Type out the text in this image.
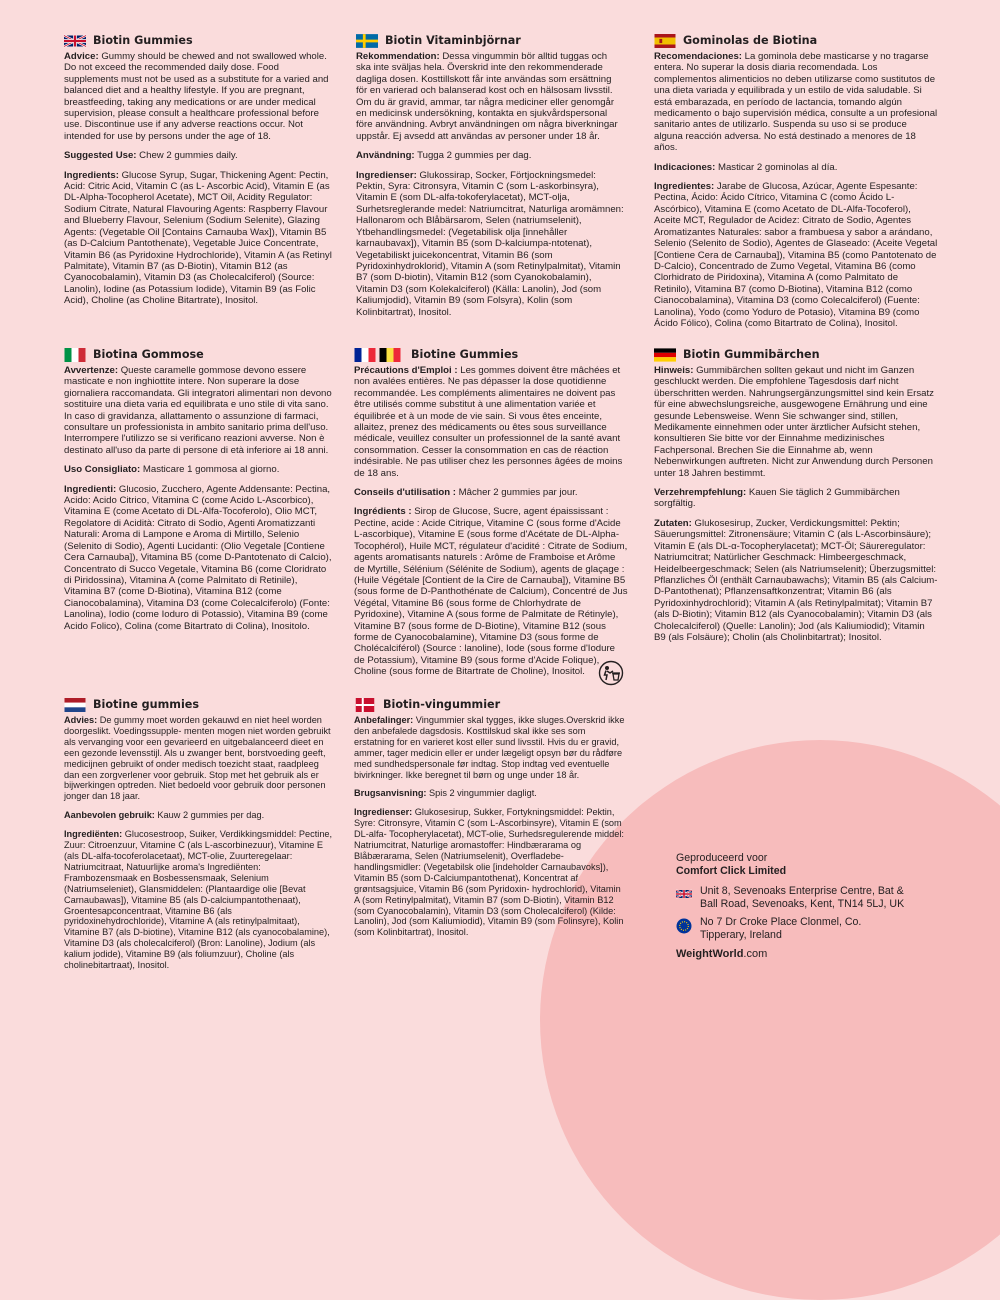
Biotin Gummies

Advice: Gummy should be chewed and not swallowed whole. Do not exceed the recommended daily dose. Food supplements must not be used as a substitute for a varied and balanced diet and a healthy lifestyle. If you are pregnant, breastfeeding, taking any medications or are under medical supervision, please consult a healthcare professional before use. Discontinue use if any adverse reactions occur. Not intended for use by persons under the age of 18.

Suggested Use: Chew 2 gummies daily.

Ingredients: Glucose Syrup, Sugar, Thickening Agent: Pectin, Acid: Citric Acid, Vitamin C (as L- Ascorbic Acid), Vitamin E (as DL-Alpha-Tocopherol Acetate), MCT Oil, Acidity Regulator: Sodium Citrate, Natural Flavouring Agents: Raspberry Flavour and Blueberry Flavour, Selenium (Sodium Selenite), Glazing Agents: (Vegetable Oil [Contains Carnauba Wax]), Vitamin B5 (as D-Calcium Pantothenate), Vegetable Juice Concentrate, Vitamin B6 (as Pyridoxine Hydrochloride), Vitamin A (as Retinyl Palmitate), Vitamin B7 (as D-Biotin), Vitamin B12 (as Cyanocobalamin), Vitamin D3 (as Cholecalciferol) (Source: Lanolin), Iodine (as Potassium Iodide), Vitamin B9 (as Folic Acid), Choline (as Choline Bitartrate), Inositol.

Biotin Vitaminbjörnar

Rekommendation: Dessa vingummin bör alltid tuggas och ska inte sväljas hela. Överskrid inte den rekommenderade dagliga dosen. Kosttillskott får inte användas som ersättning för en varierad och balanserad kost och en hälsosam livsstil. Om du är gravid, ammar, tar några mediciner eller genomgår en medicinsk undersökning, kontakta en sjukvårdspersonal före användning. Avbryt användningen om några biverkningar uppstår. Ej avsedd att användas av personer under 18 år.

Användning: Tugga 2 gummies per dag.

Ingredienser: Glukossirap, Socker, Förtjockningsmedel: Pektin, Syra: Citronsyra, Vitamin C (som L-askorbinsyra), Vitamin E (som DL-alfa-tokoferylacetat), MCT-olja, Surhetsreglerande medel: Natriumcitrat, Naturliga aromämnen: Hallonarom och Blåbärsarom, Selen (natriumselenit), Ytbehandlingsmedel: (Vegetabilisk olja [innehåller karnaubavax]), Vitamin B5 (som D-kalciumpa-ntotenat), Vegetabiliskt juicekoncentrat, Vitamin B6 (som Pyridoxinhydroklorid), Vitamin A (som Retinylpalmitat), Vitamin B7 (som D-biotin), Vitamin B12 (som Cyanokobalamin), Vitamin D3 (som Kolekalciferol) (Källa: Lanolin), Jod (som Kaliumjodid), Vitamin B9 (som Folsyra), Kolin (som Kolinbitartrat), Inositol.

Gominolas de Biotina

Recomendaciones: La gominola debe masticarse y no tragarse entera. No superar la dosis diaria recomendada. Los complementos alimenticios no deben utilizarse como sustitutos de una dieta variada y equilibrada y un estilo de vida saludable. Si está embarazada, en período de lactancia, tomando algún medicamento o bajo supervisión médica, consulte a un profesional sanitario antes de utilizarlo. Suspenda su uso si se produce alguna reacción adversa. No está destinado a menores de 18 años.

Indicaciones: Masticar 2 gominolas al día.

Ingredientes: Jarabe de Glucosa, Azúcar, Agente Espesante: Pectina, Ácido: Ácido Cítrico, Vitamina C (como Ácido L-Ascórbico), Vitamina E (como Acetato de DL-Alfa-Tocoferol), Aceite MCT, Regulador de Acidez: Citrato de Sodio, Agentes Aromatizantes Naturales: sabor a frambuesa y sabor a arándano, Selenio (Selenito de Sodio), Agentes de Glaseado: (Aceite Vegetal [Contiene Cera de Carnauba]), Vitamina B5 (como Pantotenato de D-Calcio), Concentrado de Zumo Vegetal, Vitamina B6 (como Clorhidrato de Piridoxina), Vitamina A (como Palmitato de Retinilo), Vitamina B7 (como D-Biotina), Vitamina B12 (como Cianocobalamina), Vitamina D3 (como Colecalciferol) (Fuente: Lanolina), Yodo (como Yoduro de Potasio), Vitamina B9 (como Ácido Fólico), Colina (como Bitartrato de Colina), Inositol.

Biotina Gommose

Avvertenze: Queste caramelle gommose devono essere masticate e non inghiottite intere. Non superare la dose giornaliera raccomandata. Gli integratori alimentari non devono sostituire una dieta varia ed equilibrata e uno stile di vita sano. In caso di gravidanza, allattamento o assunzione di farmaci, consultare un professionista in ambito sanitario prima dell'uso. Interrompere l'utilizzo se si verificano reazioni avverse. Non è destinato all'uso da parte di persone di età inferiore ai 18 anni.

Uso Consigliato: Masticare 1 gommosa al giorno.

Ingredienti: Glucosio, Zucchero, Agente Addensante: Pectina, Acido: Acido Citrico, Vitamina C (come Acido L-Ascorbico), Vitamina E (come Acetato di DL-Alfa-Tocoferolo), Olio MCT, Regolatore di Acidità: Citrato di Sodio, Agenti Aromatizzanti Naturali: Aroma di Lampone e Aroma di Mirtillo, Selenio (Selenito di Sodio), Agenti Lucidanti: (Olio Vegetale [Contiene Cera Carnauba]), Vitamina B5 (come D-Pantotenato di Calcio), Concentrato di Succo Vegetale, Vitamina B6 (come Cloridrato di Piridossina), Vitamina A (come Palmitato di Retinile), Vitamina B7 (come D-Biotina), Vitamina B12 (come Cianocobalamina), Vitamina D3 (come Colecalciferolo) (Fonte: Lanolina), Iodio (come Ioduro di Potassio), Vitamina B9 (come Acido Folico), Colina (come Bitartrato di Colina), Inositolo.

Biotine Gummies

Précautions d'Emploi : Les gommes doivent être mâchées et non avalées entières. Ne pas dépasser la dose quotidienne recommandée. Les compléments alimentaires ne doivent pas être utilisés comme substitut à une alimentation variée et équilibrée et à un mode de vie sain. Si vous êtes enceinte, allaitez, prenez des médicaments ou êtes sous surveillance médicale, veuillez consulter un professionnel de la santé avant consommation. Cesser la consommation en cas de réaction indésirable. Ne pas utiliser chez les personnes âgées de moins de 18 ans.

Conseils d'utilisation : Mâcher 2 gummies par jour.

Ingrédients : Sirop de Glucose, Sucre, agent épaississant : Pectine, acide : Acide Citrique, Vitamine C (sous forme d'Acide L-ascorbique), Vitamine E (sous forme d'Acétate de DL-Alpha-Tocophérol), Huile MCT, régulateur d'acidité : Citrate de Sodium, agents aromatisants naturels : Arôme de Framboise et Arôme de Myrtille, Sélénium (Sélénite de Sodium), agents de glaçage : (Huile Végétale [Contient de la Cire de Carnauba]), Vitamine B5 (sous forme de D-Panthothénate de Calcium), Concentré de Jus Végétal, Vitamine B6 (sous forme de Chlorhydrate de Pyridoxine), Vitamine A (sous forme de Palmitate de Rétinyle), Vitamine B7 (sous forme de D-Biotine), Vitamine B12 (sous forme de Cyanocobalamine), Vitamine D3 (sous forme de Cholécalciférol) (Source : lanoline), Iode (sous forme d'Iodure de Potassium), Vitamine B9 (sous forme d'Acide Folique), Choline (sous forme de Bitartrate de Choline), Inositol.

Biotin Gummibärchen

Hinweis: Gummibärchen sollten gekaut und nicht im Ganzen geschluckt werden. Die empfohlene Tagesdosis darf nicht überschritten werden. Nahrungsergänzungsmittel sind kein Ersatz für eine abwechslungsreiche, ausgewogene Ernährung und eine gesunde Lebensweise. Wenn Sie schwanger sind, stillen, Medikamente einnehmen oder unter ärztlicher Aufsicht stehen, konsultieren Sie bitte vor der Einnahme medizinisches Fachpersonal. Brechen Sie die Einnahme ab, wenn Nebenwirkungen auftreten. Nicht zur Anwendung durch Personen unter 18 Jahren bestimmt.

Verzehrempfehlung: Kauen Sie täglich 2 Gummibärchen sorgfältig.

Zutaten: Glukosesirup, Zucker, Verdickungsmittel: Pektin; Säuerungsmittel: Zitronensäure; Vitamin C (als L-Ascorbinsäure); Vitamin E (als DL-α-Tocopherylacetat); MCT-Öl; Säureregulator: Natriumcitrat; Natürlicher Geschmack: Himbeergeschmack, Heidelbeergeschmack; Selen (als Natriumselenit); Überzugsmittel: Pflanzliches Öl (enthält Carnaubawachs); Vitamin B5 (als Calcium-D-Pantothenat); Pflanzensaftkonzentrat; Vitamin B6 (als Pyridoxinhydrochlorid); Vitamin A (als Retinylpalmitat); Vitamin B7 (als D-Biotin); Vitamin B12 (als Cyanocobalamin); Vitamin D3 (als Cholecalciferol) (Quelle: Lanolin); Jod (als Kaliumiodid); Vitamin B9 (als Folsäure); Cholin (als Cholinbitartrat); Inositol.

Biotine gummies

Advies: De gummy moet worden gekauwd en niet heel worden doorgeslikt. Voedingssupple- menten mogen niet worden gebruikt als vervanging voor een gevarieerd en uitgebalanceerd dieet en een gezonde levensstijl. Als u zwanger bent, borstvoeding geeft, medicijnen gebruikt of onder medisch toezicht staat, raadpleeg dan een zorgverlener voor gebruik. Stop met het gebruik als er bijwerkingen optreden. Niet bedoeld voor gebruik door personen jonger dan 18 jaar.

Aanbevolen gebruik: Kauw 2 gummies per dag.

Ingrediënten: Glucosestroop, Suiker, Verdikkingsmiddel: Pectine, Zuur: Citroenzuur, Vitamine C (als L-ascorbinezuur), Vitamine E (als DL-alfa-tocoferolacetaat), MCT-olie, Zuurteregelaar: Natriumcitraat, Natuurlijke aroma's Ingrediënten: Frambozensmaak en Bosbessensmaak, Selenium (Natriumseleniet), Glansmiddelen: (Plantaardige olie [Bevat Carnaubawas]), Vitamine B5 (als D-calciumpantothenaat), Groentesapconcentraat, Vitamine B6 (als pyridoxinehydrochloride), Vitamine A (als retinylpalmitaat), Vitamine B7 (als D-biotine), Vitamine B12 (als cyanocobalamine), Vitamine D3 (als cholecalciferol) (Bron: Lanoline), Jodium (als kalium jodide), Vitamine B9 (als foliumzuur), Choline (als cholinebitartraat), Inositol.

Biotin-vingummier

Anbefalinger: Vingummier skal tygges, ikke sluges.Overskrid ikke den anbefalede dagsdosis. Kosttilskud skal ikke ses som erstatning for en varieret kost eller sund livsstil. Hvis du er gravid, ammer, tager medicin eller er under lægeligt opsyn bør du rådføre med sundhedspersonale før indtag. Stop indtag ved eventuelle bivirkninger. Ikke beregnet til børn og unge under 18 år.

Brugsanvisning: Spis 2 vingummier dagligt.

Ingredienser: Glukosesirup, Sukker, Fortykningsmiddel: Pektin, Syre: Citronsyre, Vitamin C (som L-Ascorbinsyre), Vitamin E (som DL-alfa- Tocopherylacetat), MCT-olie, Surhedsregulerende middel: Natriumcitrat, Naturlige aromastoffer: Hindbærarama og Blåbærarama, Selen (Natriumselenit), Overfladebe- handlingsmidler: (Vegetabilsk olie [indeholder Carnaubavoks]), Vitamin B5 (som D-Calciumpantothenat), Koncentrat af grøntsagsjuice, Vitamin B6 (som Pyridoxin- hydrochlorid), Vitamin A (som Retinylpalmitat), Vitamin B7 (som D-Biotin), Vitamin B12 (som Cyanocobalamin), Vitamin D3 (som Cholecalciferol) (Kilde: Lanolin), Jod (som Kaliumiodid), Vitamin B9 (som Folinsyre), Kolin (som Kolinbitartrat), Inositol.

Geproduceerd voor

Comfort Click Limited

Unit 8, Sevenoaks Enterprise Centre, Bat & Ball Road, Sevenoaks, Kent, TN14 5LJ, UK
No 7 Dr Croke Place Clonmel, Co. Tipperary, Ireland
WeightWorld.com
